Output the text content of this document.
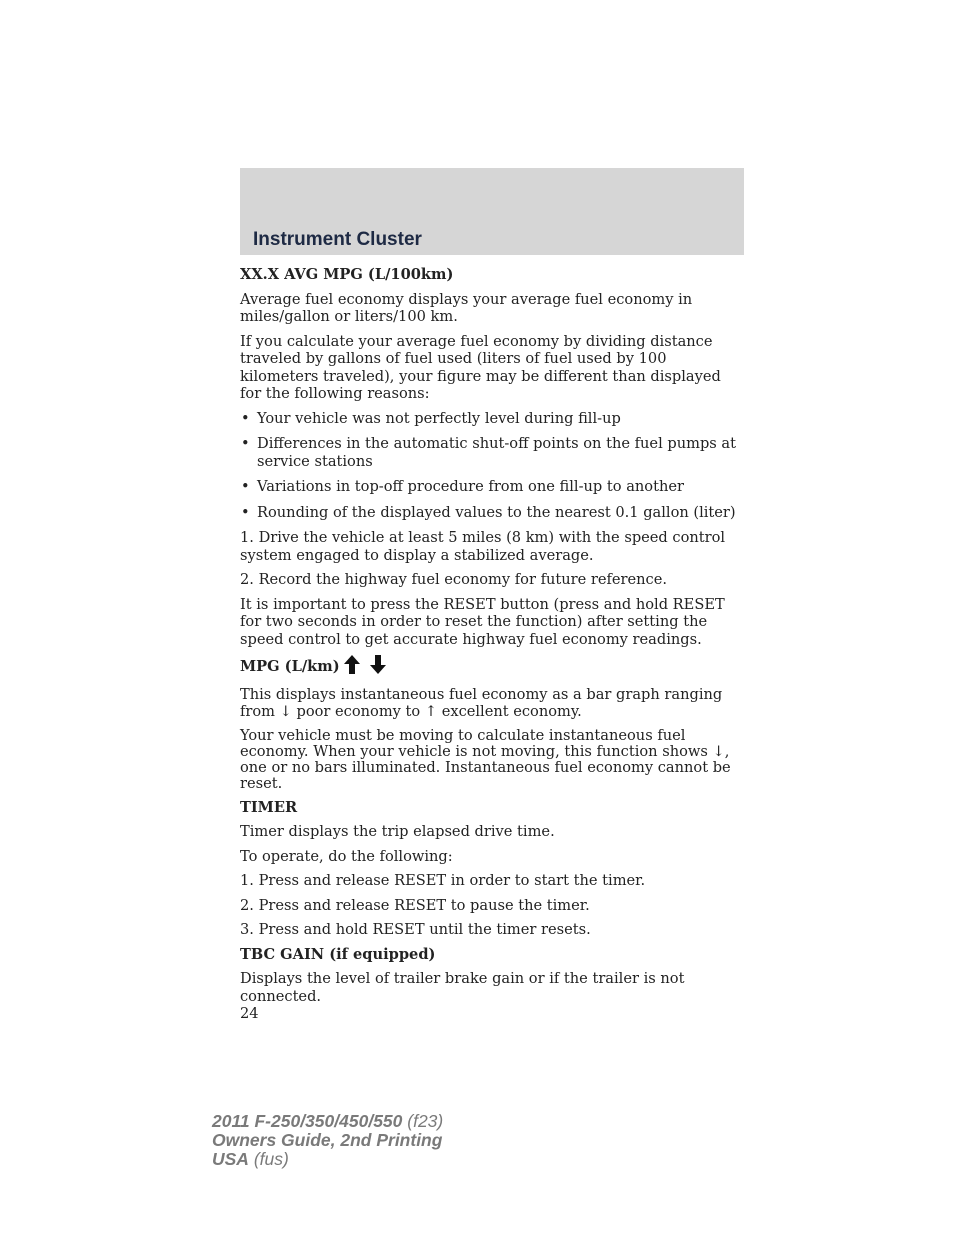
Instrument Cluster
XX.X AVG MPG (L/100km)

Average fuel economy displays your average fuel economy in miles/gallon or liters/100 km.

If you calculate your average fuel economy by dividing distance traveled by gallons of fuel used (liters of fuel used by 100 kilometers traveled), your figure may be different than displayed for the following reasons:

• Your vehicle was not perfectly level during fill-up
• Differences in the automatic shut-off points on the fuel pumps at service stations
• Variations in top-off procedure from one fill-up to another
• Rounding of the displayed values to the nearest 0.1 gallon (liter)

1. Drive the vehicle at least 5 miles (8 km) with the speed control system engaged to display a stabilized average.

2. Record the highway fuel economy for future reference.

It is important to press the RESET button (press and hold RESET for two seconds in order to reset the function) after setting the speed control to get accurate highway fuel economy readings.

MPG (L/km)

This displays instantaneous fuel economy as a bar graph ranging from ↓ poor economy to ↑ excellent economy.

Your vehicle must be moving to calculate instantaneous fuel economy. When your vehicle is not moving, this function shows ↓, one or no bars illuminated. Instantaneous fuel economy cannot be reset.

TIMER

Timer displays the trip elapsed drive time.

To operate, do the following:

1. Press and release RESET in order to start the timer.

2. Press and release RESET to pause the timer.

3. Press and hold RESET until the timer resets.

TBC GAIN (if equipped)

Displays the level of trailer brake gain or if the trailer is not connected.

24
2011 F-250/350/450/550 (f23)
Owners Guide, 2nd Printing
USA (fus)
